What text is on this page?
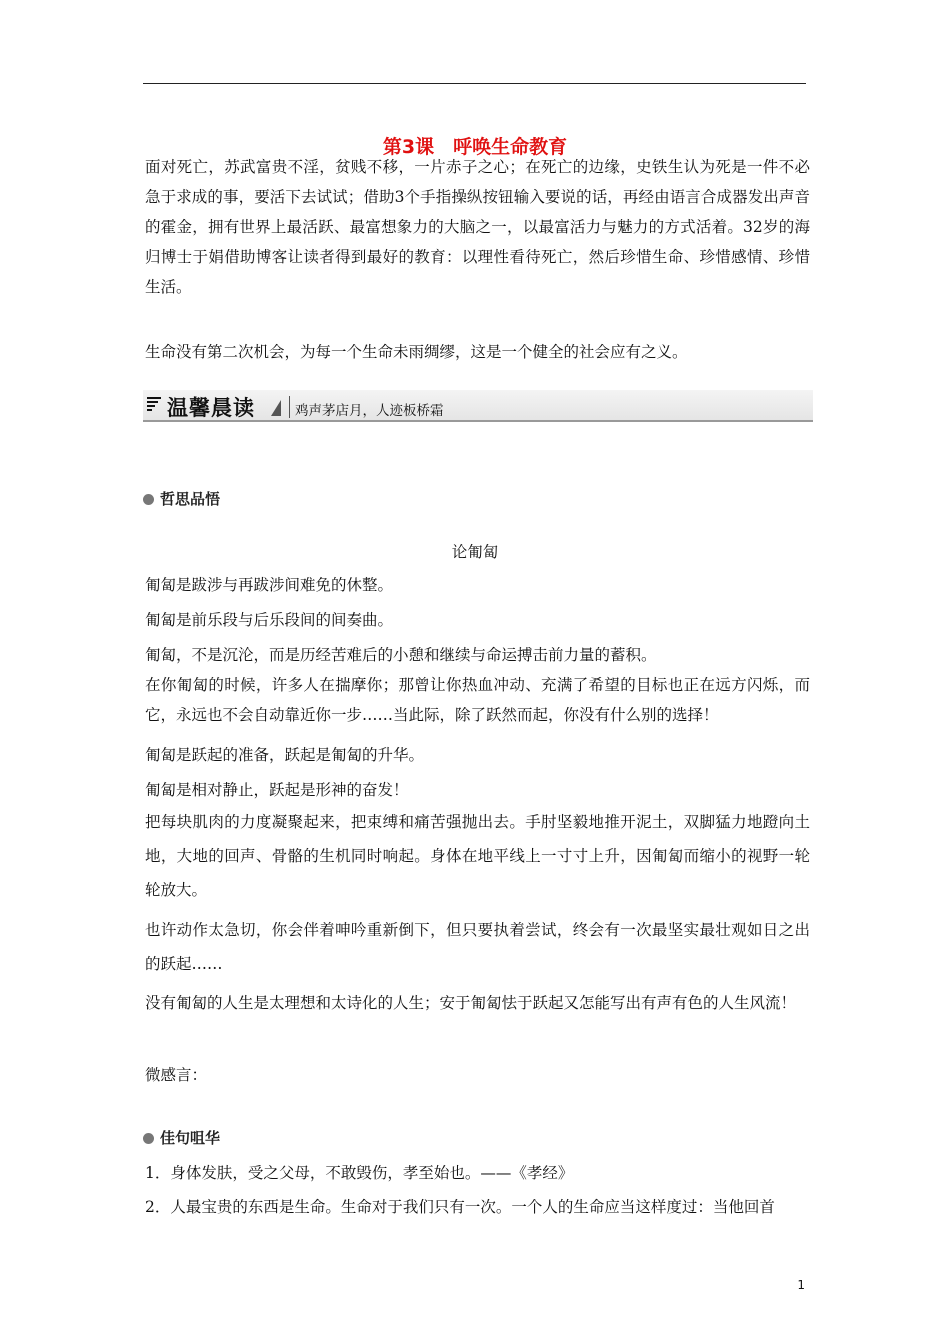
第3课　呼唤生命教育
面对死亡，苏武富贵不淫，贫贱不移，一片赤子之心；在死亡的边缘，史铁生认为死是一件不必急于求成的事，要活下去试试；借助3个手指操纵按钮输入要说的话，再经由语言合成器发出声音的霍金，拥有世界上最活跃、最富想象力的大脑之一，以最富活力与魅力的方式活着。32岁的海归博士于娟借助博客让读者得到最好的教育：以理性看待死亡，然后珍惜生命、珍惜感情、珍惜生活。
生命没有第二次机会，为每一个生命未雨绸缪，这是一个健全的社会应有之义。
温馨晨读	鸡声茅店月，人迹板桥霜
哲思品悟
论匍匐
匍匐是跋涉与再跋涉间难免的休整。
匍匐是前乐段与后乐段间的间奏曲。
匍匐，不是沉沦，而是历经苦难后的小憩和继续与命运搏击前力量的蓄积。
在你匍匐的时候，许多人在揣摩你；那曾让你热血冲动、充满了希望的目标也正在远方闪烁，而它，永远也不会自动靠近你一步……当此际，除了跃然而起，你没有什么别的选择！
匍匐是跃起的准备，跃起是匍匐的升华。
匍匐是相对静止，跃起是形神的奋发！
把每块肌肉的力度凝聚起来，把束缚和痛苦强抛出去。手肘坚毅地推开泥土，双脚猛力地蹬向土地，大地的回声、骨骼的生机同时响起。身体在地平线上一寸寸上升，因匍匐而缩小的视野一轮轮放大。
也许动作太急切，你会伴着呻吟重新倒下，但只要执着尝试，终会有一次最坚实最壮观如日之出的跃起……
没有匍匐的人生是太理想和太诗化的人生；安于匍匐怯于跃起又怎能写出有声有色的人生风流！
微感言：
佳句咀华
1．身体发肤，受之父母，不敢毁伤，孝至始也。——《孝经》
2．人最宝贵的东西是生命。生命对于我们只有一次。一个人的生命应当这样度过：当他回首
1
